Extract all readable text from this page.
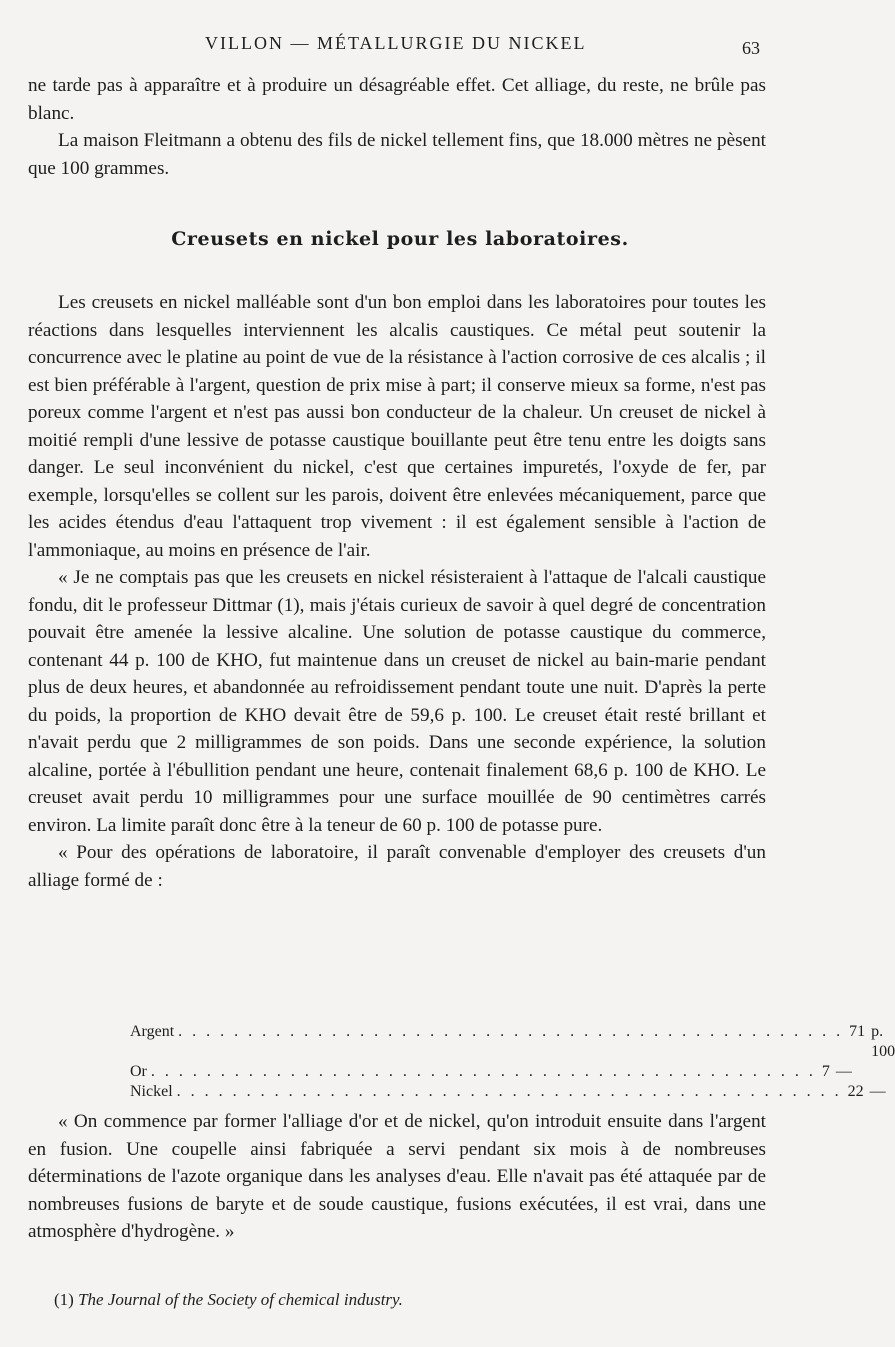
VILLON — MÉTALLURGIE DU NICKEL	63

ne tarde pas à apparaître et à produire un désagréable effet. Cet alliage, du reste, ne brûle pas blanc.

La maison Fleitmann a obtenu des fils de nickel tellement fins, que 18.000 mètres ne pèsent que 100 grammes.

Creusets en nickel pour les laboratoires.

Les creusets en nickel malléable sont d'un bon emploi dans les laboratoires pour toutes les réactions dans lesquelles interviennent les alcalis caustiques. Ce métal peut soutenir la concurrence avec le platine au point de vue de la résistance à l'action corrosive de ces alcalis ; il est bien préférable à l'argent, question de prix mise à part; il conserve mieux sa forme, n'est pas poreux comme l'argent et n'est pas aussi bon conducteur de la chaleur. Un creuset de nickel à moitié rempli d'une lessive de potasse caustique bouillante peut être tenu entre les doigts sans danger. Le seul inconvénient du nickel, c'est que certaines impuretés, l'oxyde de fer, par exemple, lorsqu'elles se collent sur les parois, doivent être enlevées mécaniquement, parce que les acides étendus d'eau l'attaquent trop vivement : il est également sensible à l'action de l'ammoniaque, au moins en présence de l'air.

« Je ne comptais pas que les creusets en nickel résisteraient à l'attaque de l'alcali caustique fondu, dit le professeur Dittmar (1), mais j'étais curieux de savoir à quel degré de concentration pouvait être amenée la lessive alcaline. Une solution de potasse caustique du commerce, contenant 44 p. 100 de KHO, fut maintenue dans un creuset de nickel au bain-marie pendant plus de deux heures, et abandonnée au refroidissement pendant toute une nuit. D'après la perte du poids, la proportion de KHO devait être de 59,6 p. 100. Le creuset était resté brillant et n'avait perdu que 2 milligrammes de son poids. Dans une seconde expérience, la solution alcaline, portée à l'ébullition pendant une heure, contenait finalement 68,6 p. 100 de KHO. Le creuset avait perdu 10 milligrammes pour une surface mouillée de 90 centimètres carrés environ. La limite paraît donc être à la teneur de 60 p. 100 de potasse pure.

« Pour des opérations de laboratoire, il paraît convenable d'employer des creusets d'un alliage formé de :

Argent . . . . . . . . . . . . . . . . . . . . . . . . . . . . . . . . . . . . . . . . . . . . . . . . 71 p. 100
Or . . . . . . . . . . . . . . . . . . . . . . . . . . . . . . . . . . . . . . . . . . . . . . . . 7 —
Nickel . . . . . . . . . . . . . . . . . . . . . . . . . . . . . . . . . . . . . . . . . . . . . . . . 22 —

« On commence par former l'alliage d'or et de nickel, qu'on introduit ensuite dans l'argent en fusion. Une coupelle ainsi fabriquée a servi pendant six mois à de nombreuses déterminations de l'azote organique dans les analyses d'eau. Elle n'avait pas été attaquée par de nombreuses fusions de baryte et de soude caustique, fusions exécutées, il est vrai, dans une atmosphère d'hydrogène. »

(1) The Journal of the Society of chemical industry.
